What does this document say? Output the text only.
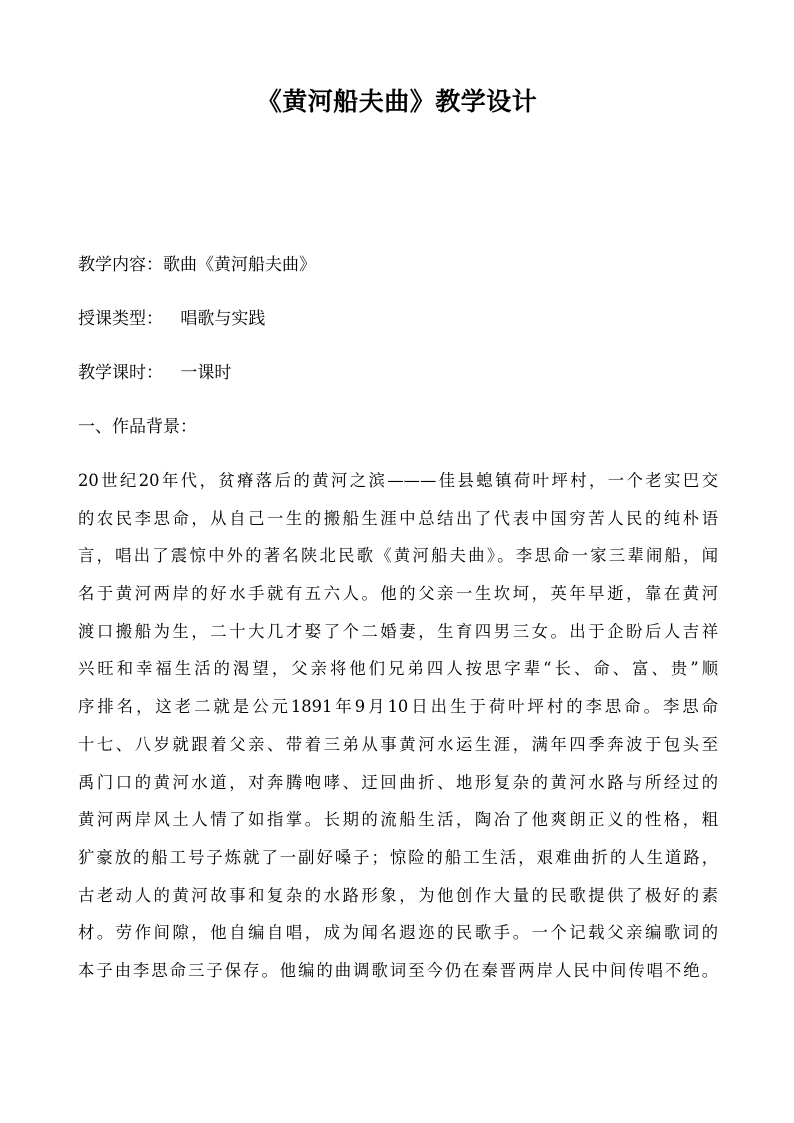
《黄河船夫曲》教学设计
教学内容：歌曲《黄河船夫曲》
授课类型： 唱歌与实践
教学课时： 一课时
一、作品背景：
20世纪20年代，贫瘠落后的黄河之滨———佳县螅镇荷叶坪村，一个老实巴交
的农民李思命，从自己一生的搬船生涯中总结出了代表中国穷苦人民的纯朴语
言，唱出了震惊中外的著名陕北民歌《黄河船夫曲》。李思命一家三辈闹船，闻
名于黄河两岸的好水手就有五六人。他的父亲一生坎坷，英年早逝，靠在黄河
渡口搬船为生，二十大几才娶了个二婚妻，生育四男三女。出于企盼后人吉祥
兴旺和幸福生活的渴望，父亲将他们兄弟四人按思字辈“长、命、富、贵”顺
序排名，这老二就是公元1891年9月10日出生于荷叶坪村的李思命。李思命
十七、八岁就跟着父亲、带着三弟从事黄河水运生涯，满年四季奔波于包头至
禹门口的黄河水道，对奔腾咆哮、迂回曲折、地形复杂的黄河水路与所经过的
黄河两岸风土人情了如指掌。长期的流船生活，陶冶了他爽朗正义的性格，粗
犷豪放的船工号子炼就了一副好嗓子；惊险的船工生活，艰难曲折的人生道路，
古老动人的黄河故事和复杂的水路形象，为他创作大量的民歌提供了极好的素
材。劳作间隙，他自编自唱，成为闻名遐迩的民歌手。一个记载父亲编歌词的
本子由李思命三子保存。他编的曲调歌词至今仍在秦晋两岸人民中间传唱不绝。
